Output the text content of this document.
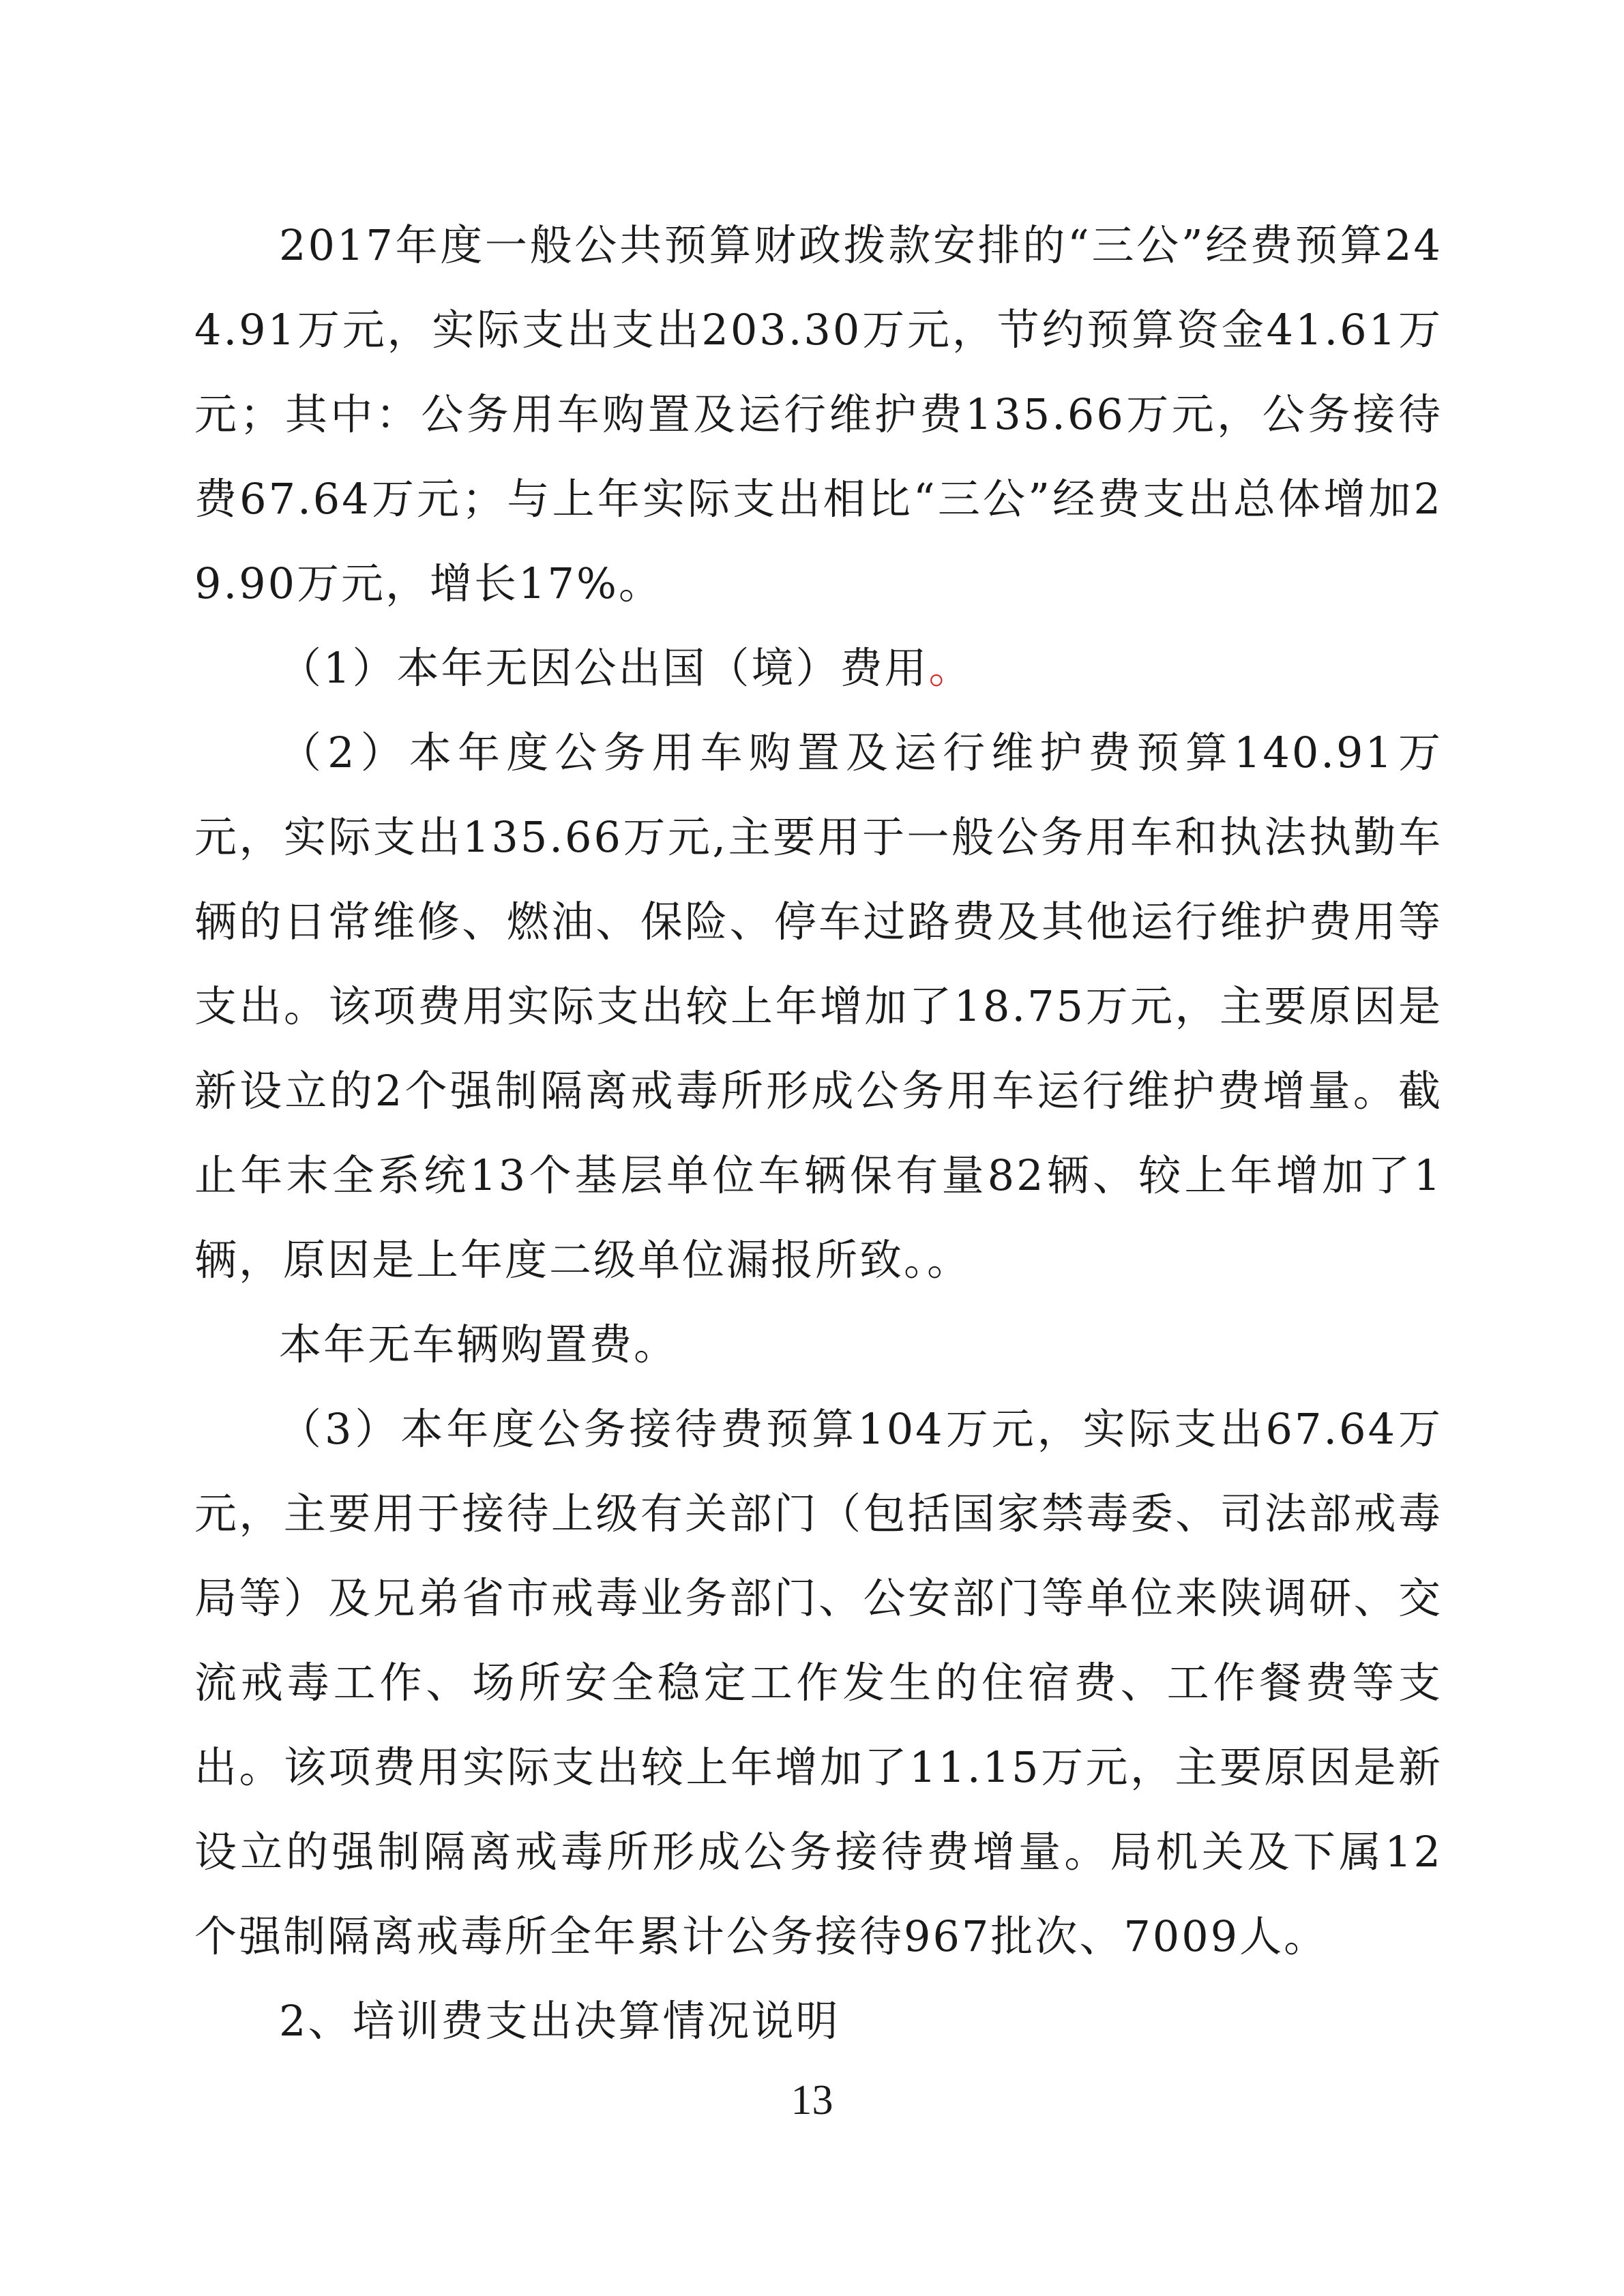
2017年度一般公共预算财政拨款安排的“三公”经费预算244.91万元，实际支出支出203.30万元，节约预算资金41.61万元；其中：公务用车购置及运行维护费135.66万元，公务接待费67.64万元；与上年实际支出相比“三公”经费支出总体增加29.90万元，增长17%。

（1）本年无因公出国（境）费用。

（2）本年度公务用车购置及运行维护费预算140.91万元，实际支出135.66万元,主要用于一般公务用车和执法执勤车辆的日常维修、燃油、保险、停车过路费及其他运行维护费用等支出。该项费用实际支出较上年增加了18.75万元，主要原因是新设立的2个强制隔离戒毒所形成公务用车运行维护费增量。截止年末全系统13个基层单位车辆保有量82辆、较上年增加了1辆，原因是上年度二级单位漏报所致。。

本年无车辆购置费。

（3）本年度公务接待费预算104万元，实际支出67.64万元，主要用于接待上级有关部门（包括国家禁毒委、司法部戒毒局等）及兄弟省市戒毒业务部门、公安部门等单位来陕调研、交流戒毒工作、场所安全稳定工作发生的住宿费、工作餐费等支出。该项费用实际支出较上年增加了11.15万元，主要原因是新设立的强制隔离戒毒所形成公务接待费增量。局机关及下属12个强制隔离戒毒所全年累计公务接待967批次、7009人。

2、培训费支出决算情况说明

13
